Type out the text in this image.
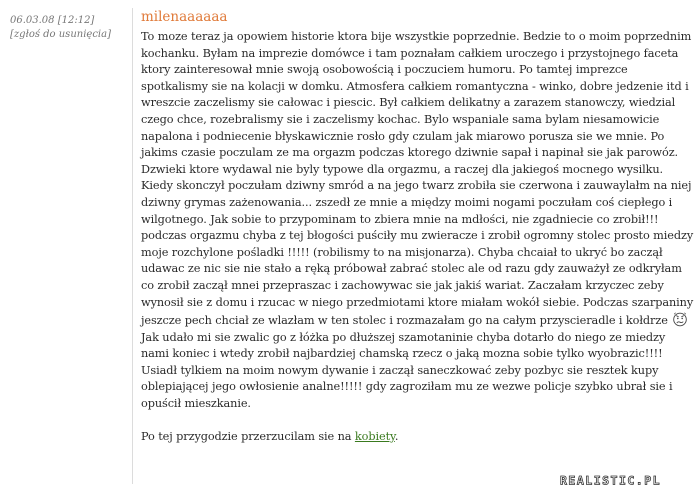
06.03.08 [12:12]
[zgłoś do usunięcia]
milenaaaaaa

To moze teraz ja opowiem historie ktora bije wszystkie poprzednie. Bedzie to o moim poprzednim kochanku. Byłam na imprezie domówce i tam poznałam całkiem uroczego i przystojnego faceta ktory zainteresował mnie swoją osobowością i poczuciem humoru. Po tamtej imprezce spotkalismy sie na kolacji w domku. Atmosfera całkiem romantyczna - winko, dobre jedzenie itd i wreszcie zaczelismy sie całowac i piescic. Był całkiem delikatny a zarazem stanowczy, wiedzial czego chce, rozebralismy sie i zaczelismy kochac. Bylo wspaniale sama bylam niesamowicie napalona i podniecenie błyskawicznie rosło gdy czulam jak miarowo porusza sie we mnie. Po jakims czasie poczulam ze ma orgazm podczas ktorego dziwnie sapał i napinał sie jak parowóz. Dzwieki ktore wydawal nie byly typowe dla orgazmu, a raczej dla jakiegoś mocnego wysilku. Kiedy skonczył poczułam dziwny smród a na jego twarz zrobiła sie czerwona i zauwaylałm na niej dziwny grymas zażenowania... zszedł ze mnie a między moimi nogami poczułam coś ciepłego i wilgotnego. Jak sobie to przypominam to zbiera mnie na mdłości, nie zgadniecie co zrobił!!! podczas orgazmu chyba z tej błogości puściły mu zwieracze i zrobił ogromny stolec prosto miedzy moje rozchylone pośladki !!!!! (robilismy to na misjonarza). Chyba chcaiał to ukryć bo zaczął udawac ze nic sie nie stało a ręką próbował zabrać stolec ale od razu gdy zauważył ze odkryłam co zrobił zaczął mnei przepraszac i zachowywac sie jak jakiś wariat. Zaczałam krzyczec zeby wynosił sie z domu i rzucac w niego przedmiotami ktore miałam wokół siebie. Podczas szarpaniny jeszcze pech chciał ze wlazłam w ten stolec i rozmazałam go na całym przyscieradle i kołdrze  Jak udało mi sie zwalic go z łóżka po dłuższej szamotaninie chyba dotarło do niego ze miedzy nami koniec i wtedy zrobił najbardziej chamską rzecz o jaką mozna sobie tylko wyobrazic!!!! Usiadł tylkiem na moim nowym dywanie i zaczął saneczkować zeby pozbyc sie resztek kupy oblepiającej jego owłosienie analne!!!!! gdy zagroziłam mu ze wezwe policje szybko ubrał sie i opuścił mieszkanie.

Po tej przygodzie przerzucilam sie na kobiety.

REALISTIC.PL
